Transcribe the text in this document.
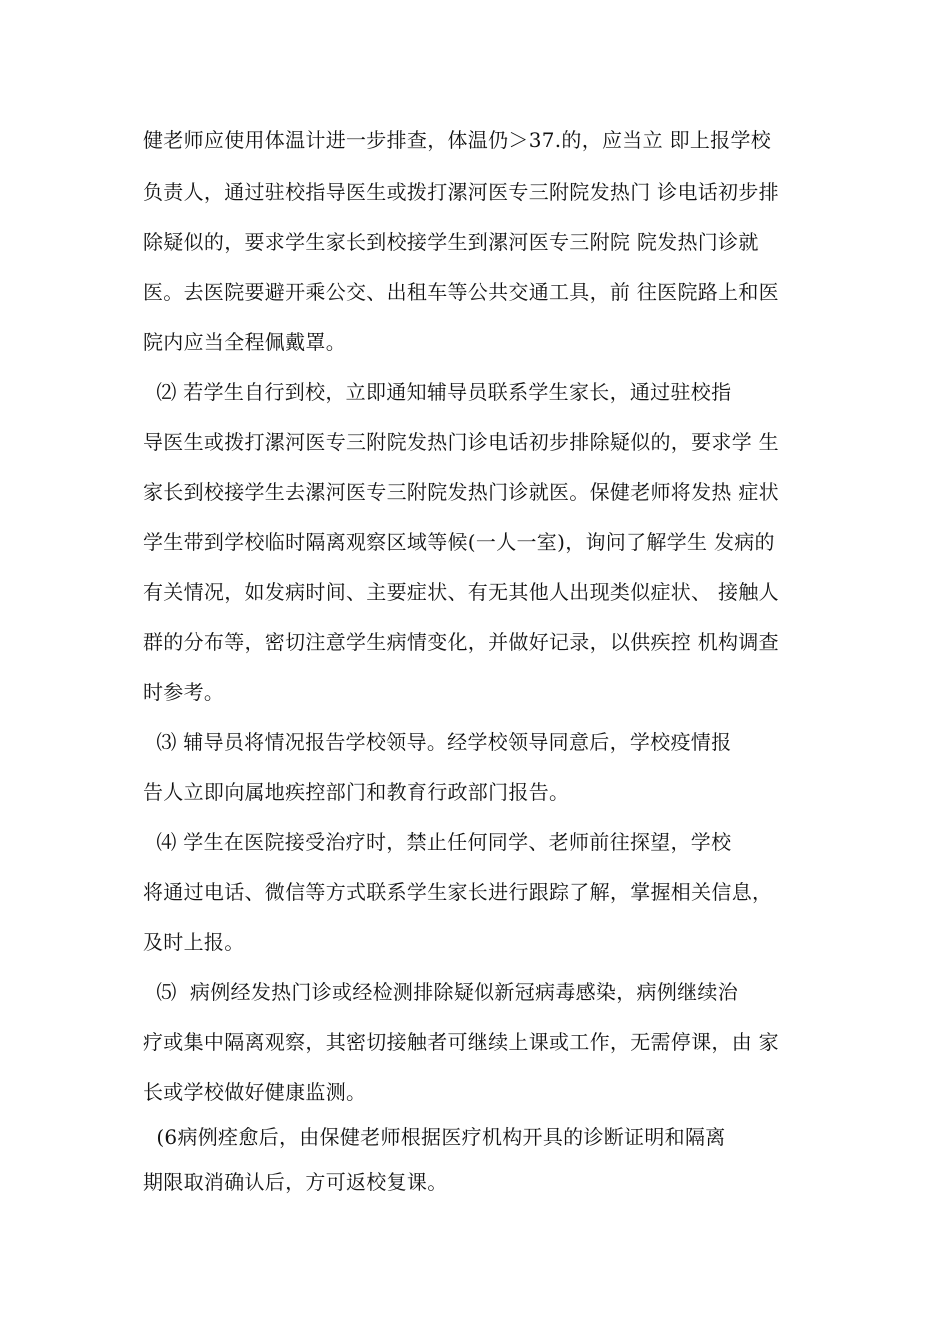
健老师应使用体温计进一步排查，体温仍＞37.的，应当立 即上报学校
负责人，通过驻校指导医生或拨打漯河医专三附院发热门 诊电话初步排
除疑似的，要求学生家长到校接学生到漯河医专三附院 院发热门诊就
医。去医院要避开乘公交、出租车等公共交通工具，前 往医院路上和医
院内应当全程佩戴罩。
⑵ 若学生自行到校，立即通知辅导员联系学生家长，通过驻校指
导医生或拨打漯河医专三附院发热门诊电话初步排除疑似的，要求学 生
家长到校接学生去漯河医专三附院发热门诊就医。保健老师将发热 症状
学生带到学校临时隔离观察区域等候(一人一室)，询问了解学生 发病的
有关情况，如发病时间、主要症状、有无其他人出现类似症状、 接触人
群的分布等，密切注意学生病情变化，并做好记录，以供疾控 机构调查
时参考。
⑶ 辅导员将情况报告学校领导。经学校领导同意后，学校疫情报
告人立即向属地疾控部门和教育行政部门报告。
⑷ 学生在医院接受治疗时，禁止任何同学、老师前往探望，学校
将通过电话、微信等方式联系学生家长进行跟踪了解，掌握相关信息，
及时上报。
⑸  病例经发热门诊或经检测排除疑似新冠病毒感染，病例继续治
疗或集中隔离观察，其密切接触者可继续上课或工作，无需停课，由 家
长或学校做好健康监测。
(6病例痊愈后，由保健老师根据医疗机构开具的诊断证明和隔离
期限取消确认后，方可返校复课。
